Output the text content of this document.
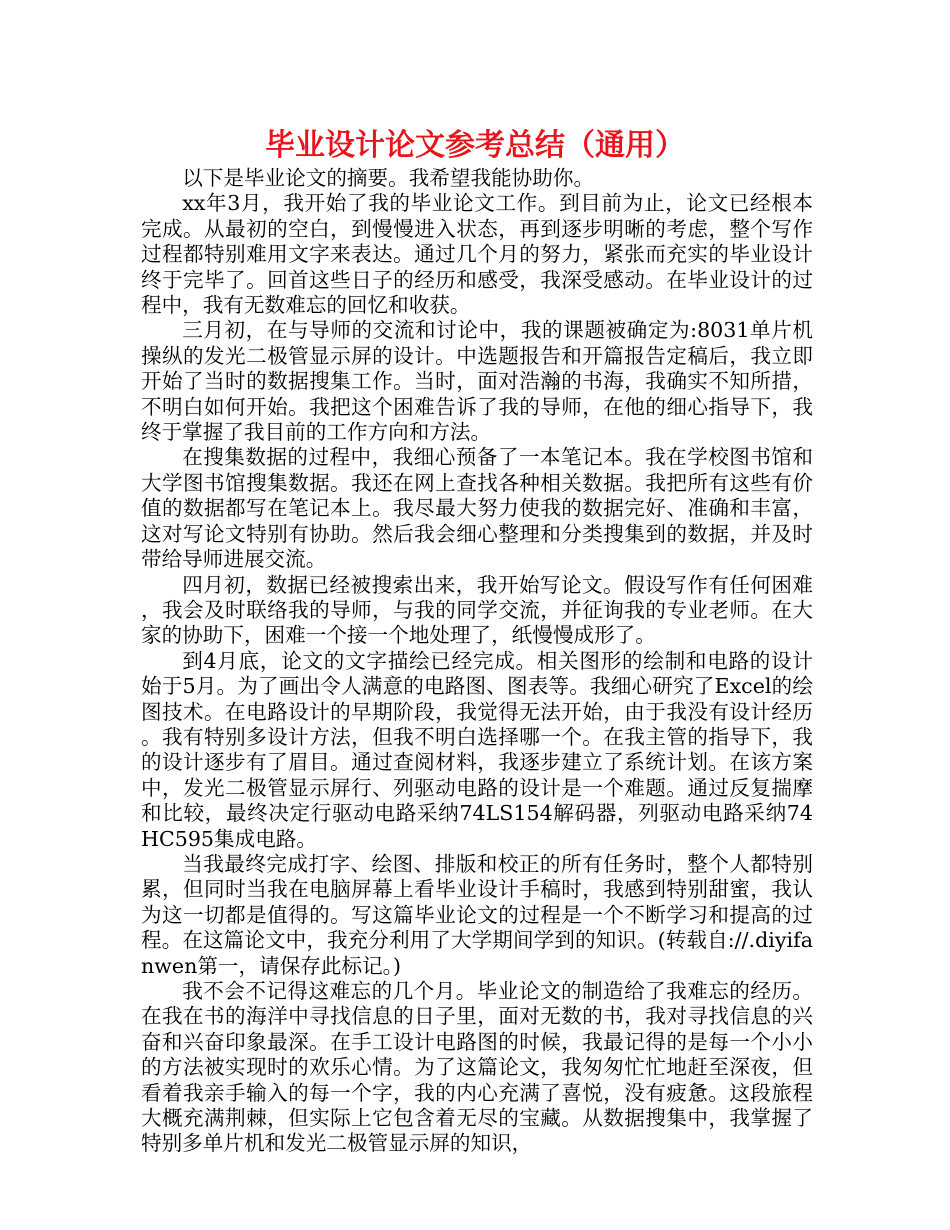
毕业设计论文参考总结（通用）

以下是毕业论文的摘要。我希望我能协助你。

xx年3月，我开始了我的毕业论文工作。到目前为止，论文已经根本完成。从最初的空白，到慢慢进入状态，再到逐步明晰的考虑，整个写作过程都特别难用文字来表达。通过几个月的努力，紧张而充实的毕业设计终于完毕了。回首这些日子的经历和感受，我深受感动。在毕业设计的过程中，我有无数难忘的回忆和收获。

三月初，在与导师的交流和讨论中，我的课题被确定为:8031单片机操纵的发光二极管显示屏的设计。中选题报告和开篇报告定稿后，我立即开始了当时的数据搜集工作。当时，面对浩瀚的书海，我确实不知所措，不明白如何开始。我把这个困难告诉了我的导师，在他的细心指导下，我终于掌握了我目前的工作方向和方法。

在搜集数据的过程中，我细心预备了一本笔记本。我在学校图书馆和大学图书馆搜集数据。我还在网上查找各种相关数据。我把所有这些有价值的数据都写在笔记本上。我尽最大努力使我的数据完好、准确和丰富，这对写论文特别有协助。然后我会细心整理和分类搜集到的数据，并及时带给导师进展交流。

四月初，数据已经被搜索出来，我开始写论文。假设写作有任何困难，我会及时联络我的导师，与我的同学交流，并征询我的专业老师。在大家的协助下，困难一个接一个地处理了，纸慢慢成形了。

到4月底，论文的文字描绘已经完成。相关图形的绘制和电路的设计始于5月。为了画出令人满意的电路图、图表等。我细心研究了Excel的绘图技术。在电路设计的早期阶段，我觉得无法开始，由于我没有设计经历。我有特别多设计方法，但我不明白选择哪一个。在我主管的指导下，我的设计逐步有了眉目。通过查阅材料，我逐步建立了系统计划。在该方案中，发光二极管显示屏行、列驱动电路的设计是一个难题。通过反复揣摩和比较，最终决定行驱动电路采纳74LS154解码器，列驱动电路采纳74HC595集成电路。

当我最终完成打字、绘图、排版和校正的所有任务时，整个人都特别累，但同时当我在电脑屏幕上看毕业设计手稿时，我感到特别甜蜜，我认为这一切都是值得的。写这篇毕业论文的过程是一个不断学习和提高的过程。在这篇论文中，我充分利用了大学期间学到的知识。(转载自://.diyifanwen第一，请保存此标记。)

我不会不记得这难忘的几个月。毕业论文的制造给了我难忘的经历。在我在书的海洋中寻找信息的日子里，面对无数的书，我对寻找信息的兴奋和兴奋印象最深。在手工设计电路图的时候，我最记得的是每一个小小的方法被实现时的欢乐心情。为了这篇论文，我匆匆忙忙地赶至深夜，但看着我亲手输入的每一个字，我的内心充满了喜悦，没有疲惫。这段旅程大概充满荆棘，但实际上它包含着无尽的宝藏。从数据搜集中，我掌握了特别多单片机和发光二极管显示屏的知识，
